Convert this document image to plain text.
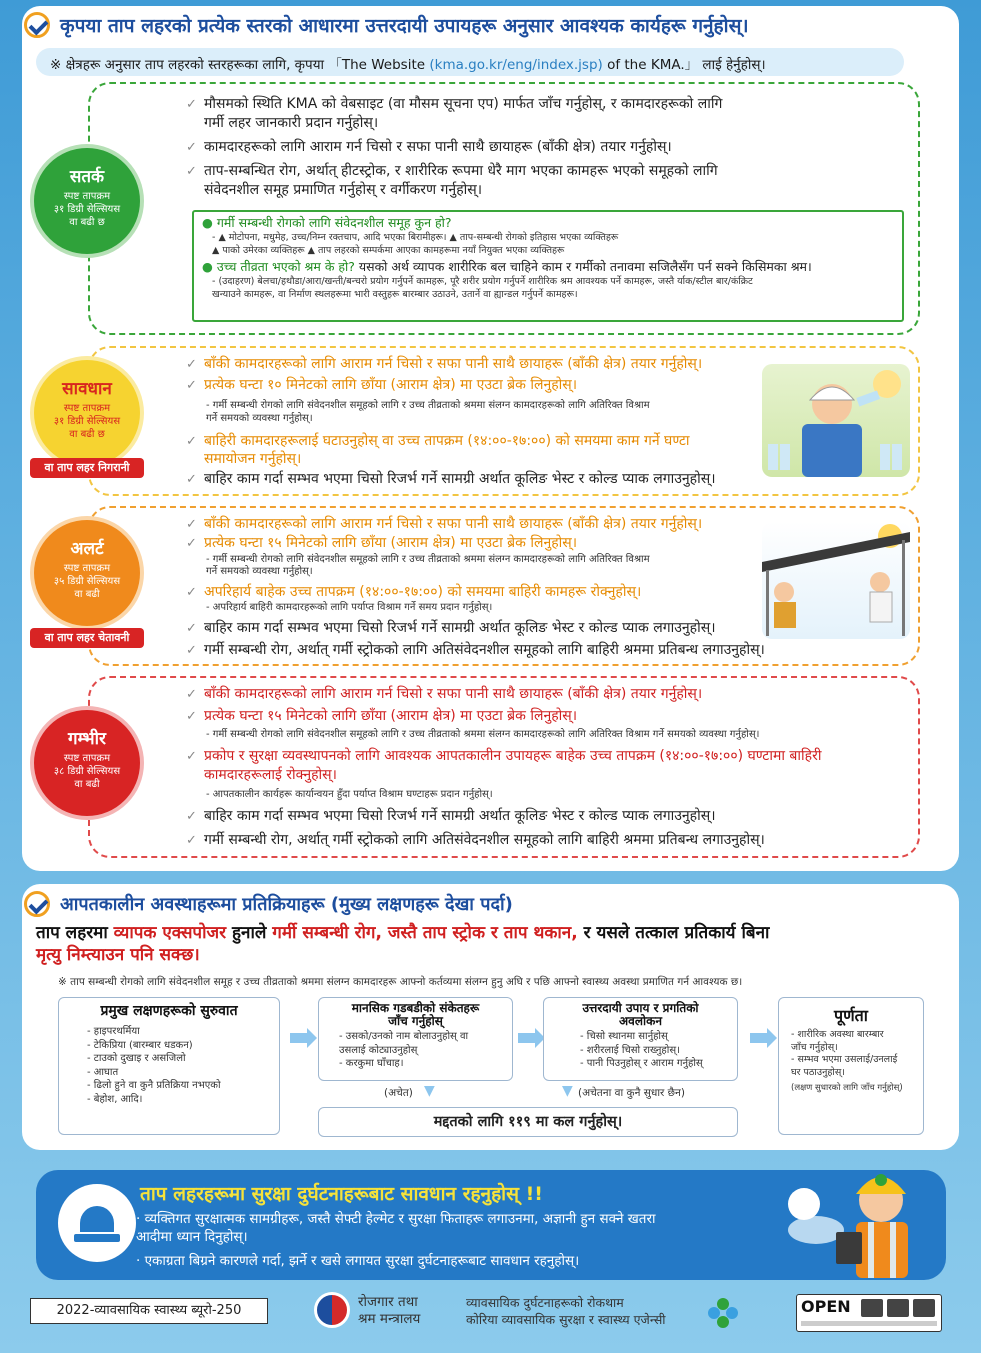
कृपया ताप लहरको प्रत्येक स्तरको आधारमा उत्तरदायी उपायहरू अनुसार आवश्यक कार्यहरू गर्नुहोस्।
※ क्षेत्रहरू अनुसार ताप लहरको स्तरहरूका लागि, कृपया 「The Website (kma.go.kr/eng/index.jsp) of the KMA.」 लाई हेर्नुहोस्।
सतर्क
स्पष्ट तापक्रम
३१ डिग्री सेल्सियस
वा बढी छ
✓ मौसमको स्थिति KMA को वेबसाइट (वा मौसम सूचना एप) मार्फत जाँच गर्नुहोस्, र कामदारहरूको लागि
गर्मी लहर जानकारी प्रदान गर्नुहोस्।
✓ कामदारहरूको लागि आराम गर्न चिसो र सफा पानी साथै छायाहरू (बाँकी क्षेत्र) तयार गर्नुहोस्।
✓ ताप-सम्बन्धित रोग, अर्थात् हीटस्ट्रोक, र शारीरिक रूपमा धेरै माग भएका कामहरू भएको समूहको लागि
संवेदनशील समूह प्रमाणित गर्नुहोस् र वर्गीकरण गर्नुहोस्।
● गर्मी सम्बन्धी रोगको लागि संवेदनशील समूह कुन हो?
- ▲ मोटोपना, मधुमेह, उच्च/निम्न रक्तचाप, आदि भएका बिरामीहरू। ▲ ताप-सम्बन्धी रोगको इतिहास भएका व्यक्तिहरू
▲ पाको उमेरका व्यक्तिहरू ▲ ताप लहरको सम्पर्कमा आएका कामहरूमा नयाँ नियुक्त भएका व्यक्तिहरू
● उच्च तीव्रता भएको श्रम के हो? यसको अर्थ व्यापक शारीरिक बल चाहिने काम र गर्मीको तनावमा सजिलैसँग पर्न सक्ने किसिमका श्रम।
- (उदाहरण) बेलचा/हथौडा/आरा/खन्ती/बन्चरो प्रयोग गर्नुपर्ने कामहरू, पूरै शरीर प्रयोग गर्नुपर्ने शारीरिक श्रम आवश्यक पर्ने कामहरू, जस्तै र्याक/स्टील बार/कंक्रिट
खन्याउने कामहरू, वा निर्माण स्थलहरूमा भारी वस्तुहरू बारम्बार उठाउने, उतार्ने वा ह्यान्डल गर्नुपर्ने कामहरू।
सावधान
स्पष्ट तापक्रम
३१ डिग्री सेल्सियस
वा बढी छ
वा ताप लहर निगरानी
✓ बाँकी कामदारहरूको लागि आराम गर्न चिसो र सफा पानी साथै छायाहरू (बाँकी क्षेत्र) तयार गर्नुहोस्।
✓ प्रत्येक घन्टा १० मिनेटको लागि छाँया (आराम क्षेत्र) मा एउटा ब्रेक लिनुहोस्।
- गर्मी सम्बन्धी रोगको लागि संवेदनशील समूहको लागि र उच्च तीव्रताको श्रममा संलग्न कामदारहरूको लागि अतिरिक्त विश्राम
गर्ने समयको व्यवस्था गर्नुहोस्।
✓ बाहिरी कामदारहरूलाई घटाउनुहोस् वा उच्च तापक्रम (१४:००-१७:००) को समयमा काम गर्ने घण्टा
समायोजन गर्नुहोस्।
✓ बाहिर काम गर्दा सम्भव भएमा चिसो रिजर्भ गर्ने सामग्री अर्थात कूलिङ भेस्ट र कोल्ड प्याक लगाउनुहोस्।
अलर्ट
स्पष्ट तापक्रम
३५ डिग्री सेल्सियस
वा बढी
वा ताप लहर चेतावनी
✓ बाँकी कामदारहरूको लागि आराम गर्न चिसो र सफा पानी साथै छायाहरू (बाँकी क्षेत्र) तयार गर्नुहोस्।
✓ प्रत्येक घन्टा १५ मिनेटको लागि छाँया (आराम क्षेत्र) मा एउटा ब्रेक लिनुहोस्।
- गर्मी सम्बन्धी रोगको लागि संवेदनशील समूहको लागि र उच्च तीव्रताको श्रममा संलग्न कामदारहरूको लागि अतिरिक्त विश्राम
गर्ने समयको व्यवस्था गर्नुहोस्।
✓ अपरिहार्य बाहेक उच्च तापक्रम (१४:००-१७:००) को समयमा बाहिरी कामहरू रोक्नुहोस्।
- अपरिहार्य बाहिरी कामदारहरूको लागि पर्याप्त विश्राम गर्ने समय प्रदान गर्नुहोस्।
✓ बाहिर काम गर्दा सम्भव भएमा चिसो रिजर्भ गर्ने सामग्री अर्थात कूलिङ भेस्ट र कोल्ड प्याक लगाउनुहोस्।
✓ गर्मी सम्बन्धी रोग, अर्थात् गर्मी स्ट्रोकको लागि अतिसंवेदनशील समूहको लागि बाहिरी श्रममा प्रतिबन्ध लगाउनुहोस्।
गम्भीर
स्पष्ट तापक्रम
३८ डिग्री सेल्सियस
वा बढी
✓ बाँकी कामदारहरूको लागि आराम गर्न चिसो र सफा पानी साथै छायाहरू (बाँकी क्षेत्र) तयार गर्नुहोस्।
✓ प्रत्येक घन्टा १५ मिनेटको लागि छाँया (आराम क्षेत्र) मा एउटा ब्रेक लिनुहोस्।
- गर्मी सम्बन्धी रोगको लागि संवेदनशील समूहको लागि र उच्च तीव्रताको श्रममा संलग्न कामदारहरूको लागि अतिरिक्त विश्राम गर्ने समयको व्यवस्था गर्नुहोस्।
✓ प्रकोप र सुरक्षा व्यवस्थापनको लागि आवश्यक आपतकालीन उपायहरू बाहेक उच्च तापक्रम (१४:००-१७:००) घण्टामा बाहिरी
कामदारहरूलाई रोक्नुहोस्।
- आपतकालीन कार्यहरू कार्यान्वयन हुँदा पर्याप्त विश्राम घण्टाहरू प्रदान गर्नुहोस्।
✓ बाहिर काम गर्दा सम्भव भएमा चिसो रिजर्भ गर्ने सामग्री अर्थात कूलिङ भेस्ट र कोल्ड प्याक लगाउनुहोस्।
✓ गर्मी सम्बन्धी रोग, अर्थात् गर्मी स्ट्रोकको लागि अतिसंवेदनशील समूहको लागि बाहिरी श्रममा प्रतिबन्ध लगाउनुहोस्।
आपतकालीन अवस्थाहरूमा प्रतिक्रियाहरू (मुख्य लक्षणहरू देखा पर्दा)
ताप लहरमा व्यापक एक्सपोजर हुनाले गर्मी सम्बन्धी रोग, जस्तै ताप स्ट्रोक र ताप थकान, र यसले तत्काल प्रतिकार्य बिना
मृत्यु निम्त्याउन पनि सक्छ।
※ ताप सम्बन्धी रोगको लागि संवेदनशील समूह र उच्च तीव्रताको श्रममा संलग्न कामदारहरू आफ्नो कर्तव्यमा संलग्न हुनु अघि र पछि आफ्नो स्वास्थ्य अवस्था प्रमाणित गर्न आवश्यक छ।
प्रमुख लक्षणहरूको सुरुवात
- हाइपरथर्मिया
- टेकिप्रिया (बारम्बार धडकन)
- टाउको दुखाइ र असजिलो
- आघात
- ढिलो हुने वा कुनै प्रतिक्रिया नभएको
- बेहोश, आदि।
मानसिक गडबडीको संकेतहरू
जाँच गर्नुहोस्
- उसको/उनको नाम बोलाउनुहोस् वा
उसलाई कोट्याउनुहोस्
- करकुमा घाँचाह।
उत्तरदायी उपाय र प्रगतिको
अवलोकन
- चिसो स्थानमा सार्नुहोस्
- शरीरलाई चिसो राख्नुहोस्।
- पानी पिउनुहोस् र आराम गर्नुहोस्
पूर्णता
- शारीरिक अवस्था बारम्बार
जाँच गर्नुहोस्।
- सम्भव भएमा उसलाई/उनलाई
घर पठाउनुहोस्।
(लक्षण सुधारको लागि जाँच गर्नुहोस्)
(अचेत) ▼	▼ (अचेतना वा कुनै सुधार छैन)
मद्दतको लागि ११९ मा कल गर्नुहोस्।
ताप लहरहरूमा सुरक्षा दुर्घटनाहरूबाट सावधान रहनुहोस् !!
· व्यक्तिगत सुरक्षात्मक सामग्रीहरू, जस्तै सेफ्टी हेल्मेट र सुरक्षा फिताहरू लगाउनमा, अज्ञानी हुन सक्ने खतरा
आदीमा ध्यान दिनुहोस्।
· एकाग्रता बिग्रने कारणले गर्दा, झर्ने र खसे लगायत सुरक्षा दुर्घटनाहरूबाट सावधान रहनुहोस्।
2022-व्यावसायिक स्वास्थ्य ब्यूरो-250
रोजगार तथा
श्रम मन्त्रालय
व्यावसायिक दुर्घटनाहरूको रोकथाम
कोरिया व्यावसायिक सुरक्षा र स्वास्थ्य एजेन्सी
OPEN
